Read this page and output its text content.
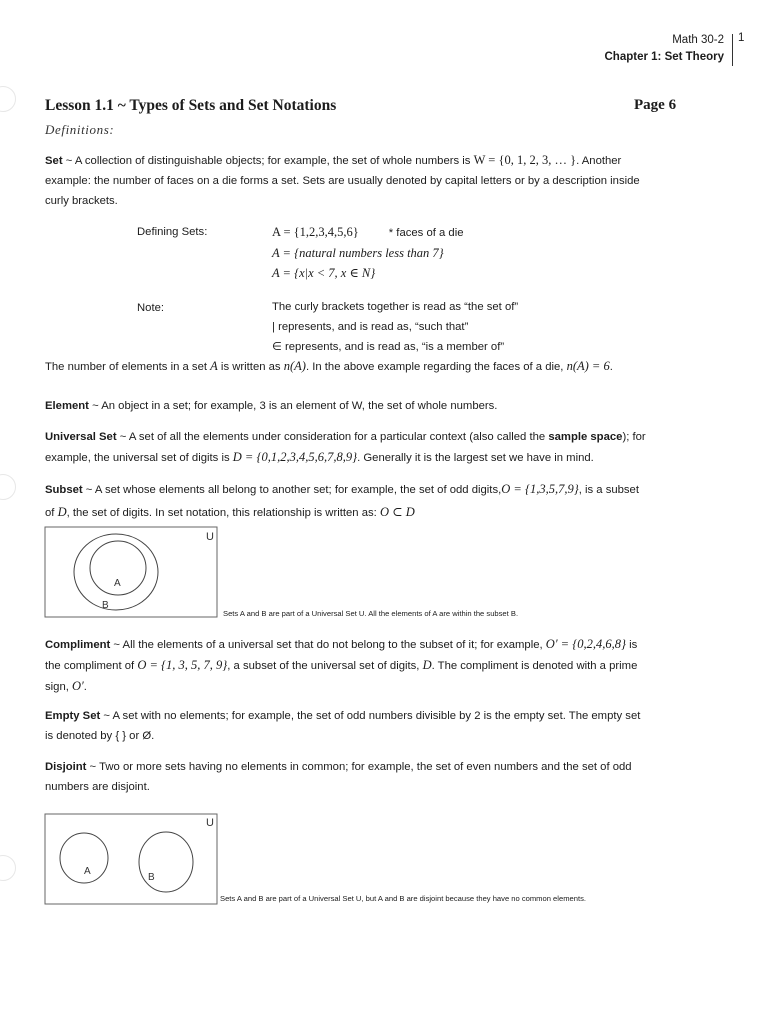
Math 30-2
Chapter 1: Set Theory
1
Lesson 1.1 ~ Types of Sets and Set Notations	Page 6
Definitions:
Set ~ A collection of distinguishable objects; for example, the set of whole numbers is W = {0, 1, 2, 3, … }. Another
example: the number of faces on a die forms a set. Sets are usually denoted by capital letters or by a description inside
curly brackets.
Defining Sets:	A = {1,2,3,4,5,6}	* faces of a die
A = {natural numbers less than 7}
A = {x|x < 7, x ∈ N}
Note:	The curly brackets together is read as “the set of”
| represents, and is read as, “such that”
∈ represents, and is read as, “is a member of”
The number of elements in a set A is written as n(A). In the above example regarding the faces of a die, n(A) = 6.
Element ~ An object in a set; for example, 3 is an element of W, the set of whole numbers.
Universal Set ~ A set of all the elements under consideration for a particular context (also called the sample space); for
example, the universal set of digits is D = {0,1,2,3,4,5,6,7,8,9}. Generally it is the largest set we have in mind.
Subset ~ A set whose elements all belong to another set; for example, the set of odd digits,O = {1,3,5,7,9}, is a subset
of D, the set of digits. In set notation, this relationship is written as: O ⊂ D
U
A
B
Sets A and B are part of a Universal Set U. All the elements of A are within the subset B.
Compliment ~ All the elements of a universal set that do not belong to the subset of it; for example, O′ = {0,2,4,6,8} is
the compliment of O = {1, 3, 5, 7, 9}, a subset of the universal set of digits, D. The compliment is denoted with a prime
sign, O′.
Empty Set ~ A set with no elements; for example, the set of odd numbers divisible by 2 is the empty set. The empty set
is denoted by { } or Ø.
Disjoint ~ Two or more sets having no elements in common; for example, the set of even numbers and the set of odd
numbers are disjoint.
U
A
B
Sets A and B are part of a Universal Set U, but A and B are disjoint because they have no common elements.
